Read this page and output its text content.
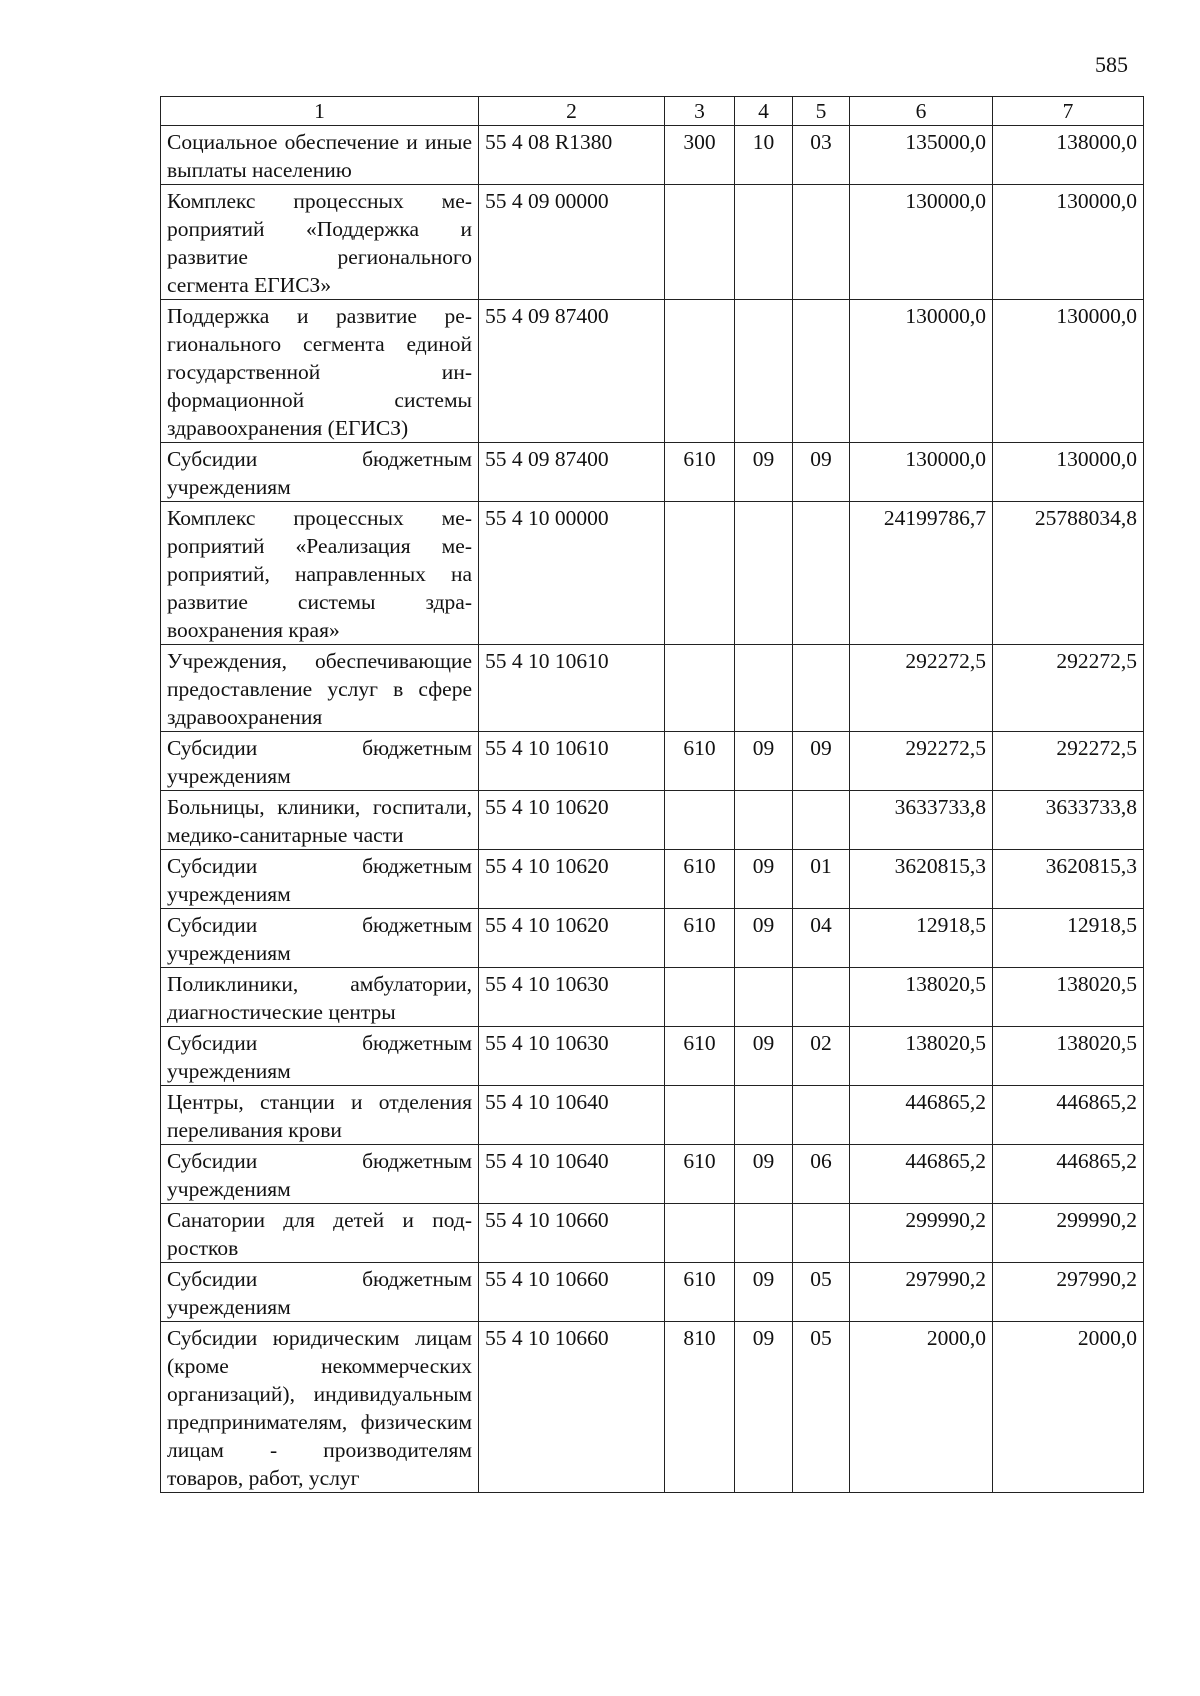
585
1	2	3	4	5	6	7
Социальное обеспечение и иные выплаты населению	55 4 08 R1380	300	10	03	135000,0	138000,0
Комплекс процессных мероприятий «Поддержка и развитие регионального сегмента ЕГИСЗ»	55 4 09 00000				130000,0	130000,0
Поддержка и развитие регионального сегмента единой государственной информационной системы здравоохранения (ЕГИСЗ)	55 4 09 87400				130000,0	130000,0
Субсидии бюджетным учреждениям	55 4 09 87400	610	09	09	130000,0	130000,0
Комплекс процессных мероприятий «Реализация мероприятий, направленных на развитие системы здравоохранения края»	55 4 10 00000				24199786,7	25788034,8
Учреждения, обеспечивающие предоставление услуг в сфере здравоохранения	55 4 10 10610				292272,5	292272,5
Субсидии бюджетным учреждениям	55 4 10 10610	610	09	09	292272,5	292272,5
Больницы, клиники, госпитали, медико-санитарные части	55 4 10 10620				3633733,8	3633733,8
Субсидии бюджетным учреждениям	55 4 10 10620	610	09	01	3620815,3	3620815,3
Субсидии бюджетным учреждениям	55 4 10 10620	610	09	04	12918,5	12918,5
Поликлиники, амбулатории, диагностические центры	55 4 10 10630				138020,5	138020,5
Субсидии бюджетным учреждениям	55 4 10 10630	610	09	02	138020,5	138020,5
Центры, станции и отделения переливания крови	55 4 10 10640				446865,2	446865,2
Субсидии бюджетным учреждениям	55 4 10 10640	610	09	06	446865,2	446865,2
Санатории для детей и подростков	55 4 10 10660				299990,2	299990,2
Субсидии бюджетным учреждениям	55 4 10 10660	610	09	05	297990,2	297990,2
Субсидии юридическим лицам (кроме некоммерческих организаций), индивидуальным предпринимателям, физическим лицам - производителям товаров, работ, услуг	55 4 10 10660	810	09	05	2000,0	2000,0
